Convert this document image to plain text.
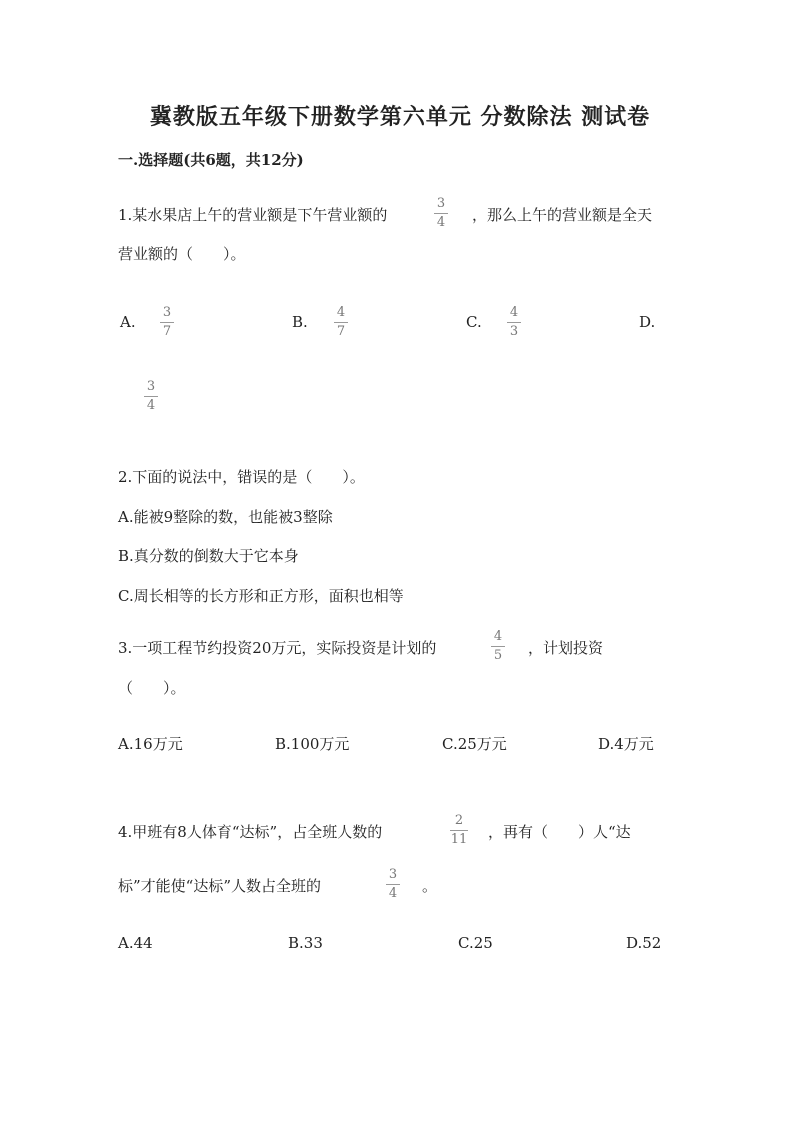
冀教版五年级下册数学第六单元 分数除法 测试卷
一.选择题(共6题，共12分)
1.某水果店上午的营业额是下午营业额的
3
4 ，那么上午的营业额是全天
营业额的（　　）。
A.
3
7
B.
4
7
C.
4
3
D.
3
4
2.下面的说法中，错误的是（　　）。
A.能被9整除的数，也能被3整除
B.真分数的倒数大于它本身
C.周长相等的长方形和正方形，面积也相等
3.一项工程节约投资20万元，实际投资是计划的
4
5 ，计划投资
（　　）。
A.16万元	B.100万元	C.25万元	D.4万元
4.甲班有8人体育“达标”，占全班人数的
2
11 ，再有（　　）人“达
标”才能使“达标”人数占全班的
3
4 。
A.44	B.33	C.25	D.52
